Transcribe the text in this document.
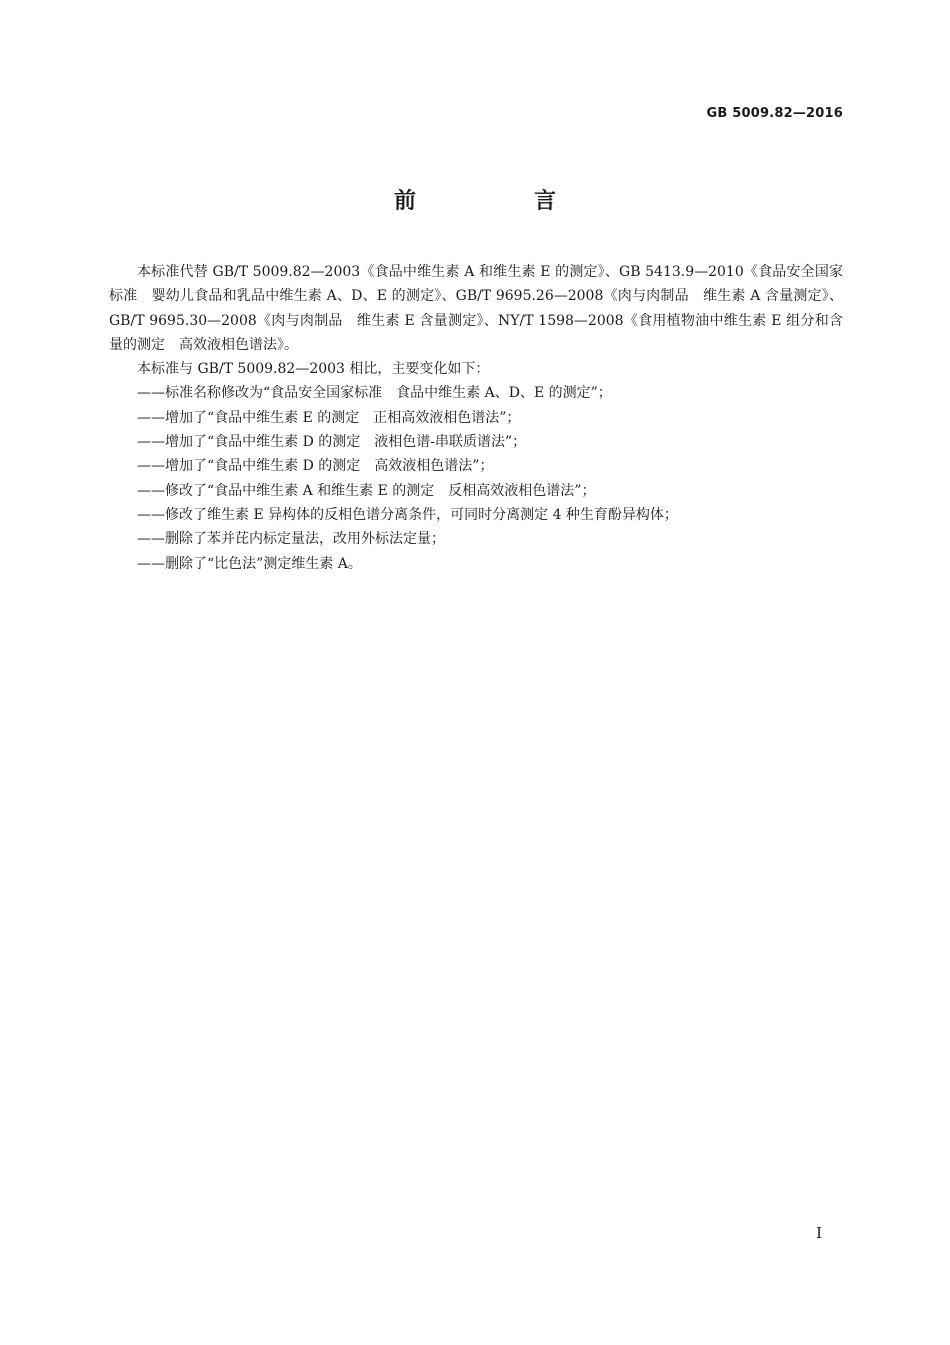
GB 5009.82—2016
前　言

本标准代替 GB/T 5009.82—2003《食品中维生素 A 和维生素 E 的测定》、GB 5413.9—2010《食品安全国家标准　婴幼儿食品和乳品中维生素 A、D、E 的测定》、GB/T 9695.26—2008《肉与肉制品　维生素 A 含量测定》、GB/T 9695.30—2008《肉与肉制品　维生素 E 含量测定》、NY/T 1598—2008《食用植物油中维生素 E 组分和含量的测定　高效液相色谱法》。

本标准与 GB/T 5009.82—2003 相比，主要变化如下：

——标准名称修改为“食品安全国家标准　食品中维生素 A、D、E 的测定”；
——增加了“食品中维生素 E 的测定　正相高效液相色谱法”；
——增加了“食品中维生素 D 的测定　液相色谱-串联质谱法”；
——增加了“食品中维生素 D 的测定　高效液相色谱法”；
——修改了“食品中维生素 A 和维生素 E 的测定　反相高效液相色谱法”；
——修改了维生素 E 异构体的反相色谱分离条件，可同时分离测定 4 种生育酚异构体；
——删除了苯并芘内标定量法，改用外标法定量；
——删除了“比色法”测定维生素 A。
I
